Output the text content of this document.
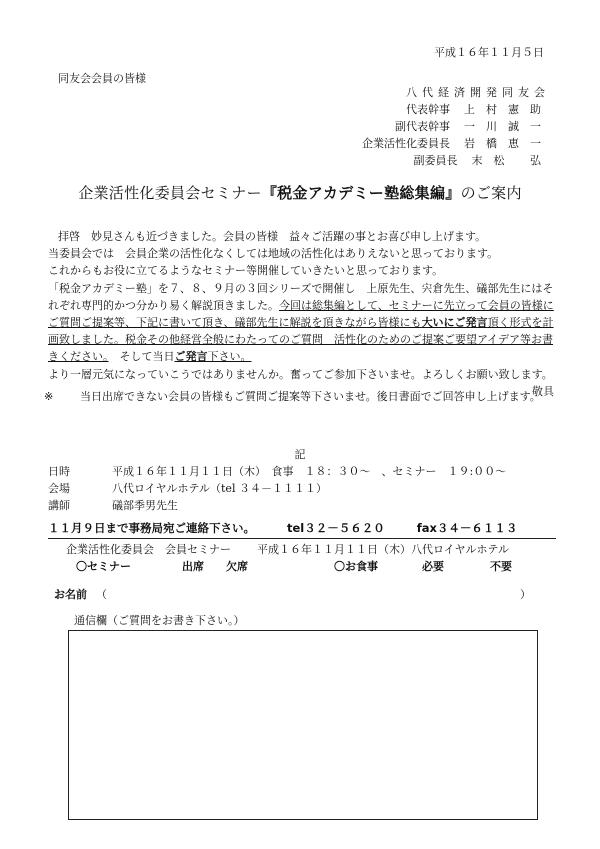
平成１６年１１月５日
同友会会員の皆様
八代経済開発同友会
代表幹事	上村憲助
副代表幹事	一川誠一
企業活性化委員長	岩橋恵一
副委員長	末松 弘
企業活性化委員会セミナー『税金アカデミー塾総集編』のご案内

拝啓　妙見さんも近づきました。会員の皆様　益々ご活躍の事とお喜び申し上げます。

当委員会では　会員企業の活性化なくしては地域の活性化はありえないと思っております。

これからもお役に立てるようなセミナー等開催していきたいと思っております。

「税金アカデミー塾」を７、８、９月の３回シリーズで開催し　上原先生、宍倉先生、礒部先生にはそれぞれ専門的かつ分かり易く解説頂きました。今回は総集編として、セミナーに先立って会員の皆様にご質問ご提案等、下記に書いて頂き、礒部先生に解説を頂きながら皆様にも大いにご発言頂く形式を計画致しました。税金その他経営全般にわたってのご質問　活性化のためのご提案ご要望アイデア等お書きください。　そして当日ご発言下さい。

より一層元気になっていこうではありませんか。奮ってご参加下さいませ。よろしくお願い致します。

敬具

※ 当日出席できない会員の皆様もご質問ご提案等下さいませ。後日書面でご回答申し上げます。
記
日時	平成１６年１１月１１日（木）　食事　１８：３０～　、セミナー　１９:００～
会場	八代ロイヤルホテル（tel ３４－１１１１）
講師	礒部季男先生
１１月９日まで事務局宛ご連絡下さい。	tel３２－５６２０	fax３４－６１１３
企業活性化委員会　会員セミナー 平成１６年１１月１１日（木）八代ロイヤルホテル
〇セミナー	出席 欠席	〇お食事	必要	不要
お名前 （	）
通信欄（ご質問をお書き下さい。）
